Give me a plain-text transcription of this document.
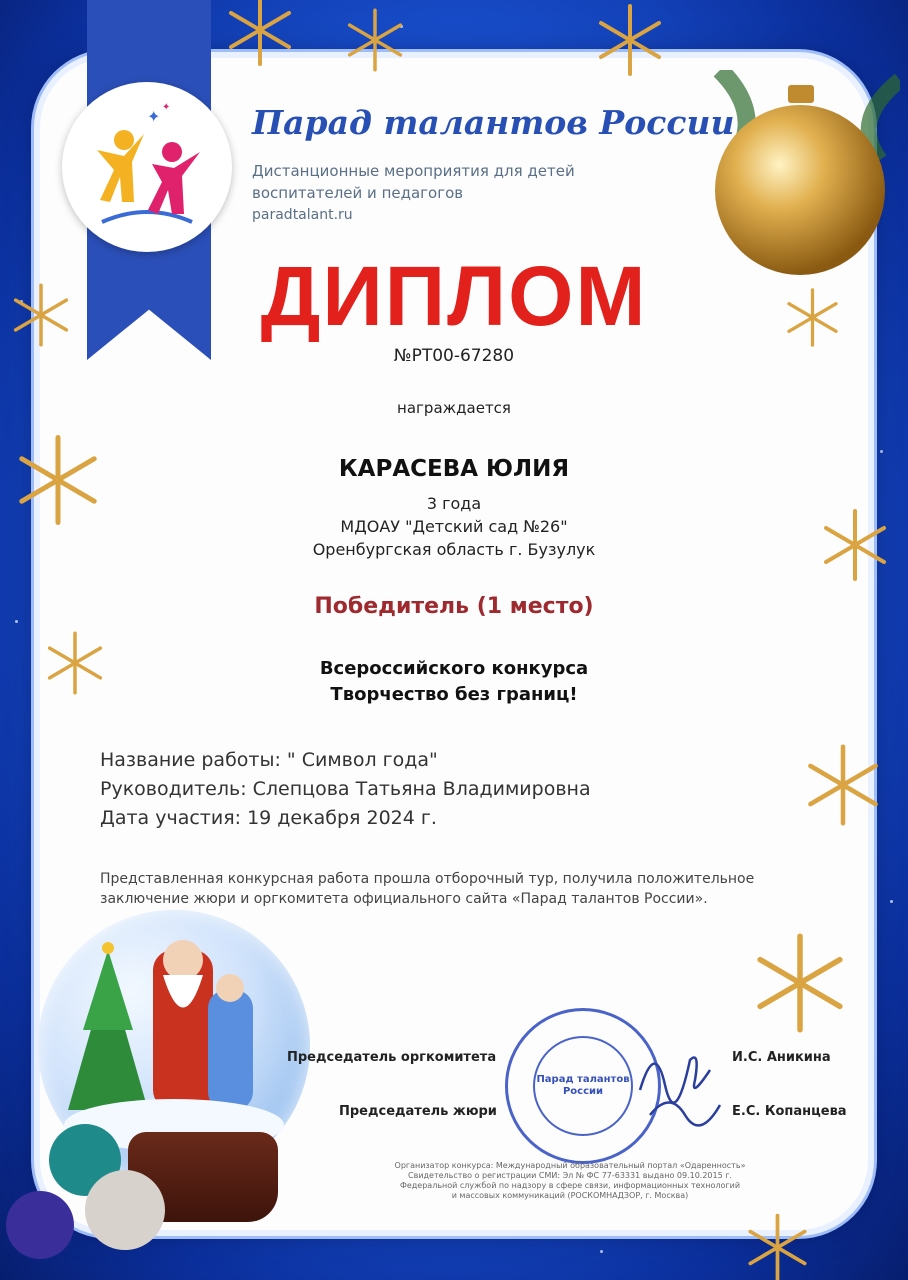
✦ ✦ Парад талантов России
Дистанционные мероприятия для детей
воспитателей и педагогов
paradtalant.ru
ДИПЛОМ
№PT00-67280
награждается
КАРАСЕВА ЮЛИЯ
3 года
МДОАУ "Детский сад №26"
Оренбургская область г. Бузулук
Победитель (1 место)
Всероссийского конкурса
Творчество без границ!
Название работы: " Символ года"
Руководитель: Слепцова Татьяна Владимировна
Дата участия: 19 декабря 2024 г.
Представленная конкурсная работа прошла отборочный тур, получила положительное заключение жюри и оргкомитета официального сайта «Парад талантов России».
Председатель оргкомитета	И.С. Аникина
Председатель жюри	Е.С. Копанцева
Парад талантов России
Организатор конкурса: Международный образовательный портал «Одаренность»
Свидетельство о регистрации СМИ: Эл № ФС 77-63331 выдано 09.10.2015 г.
Федеральной службой по надзору в сфере связи, информационных технологий
и массовых коммуникаций (РОСКОМНАДЗОР, г. Москва)
